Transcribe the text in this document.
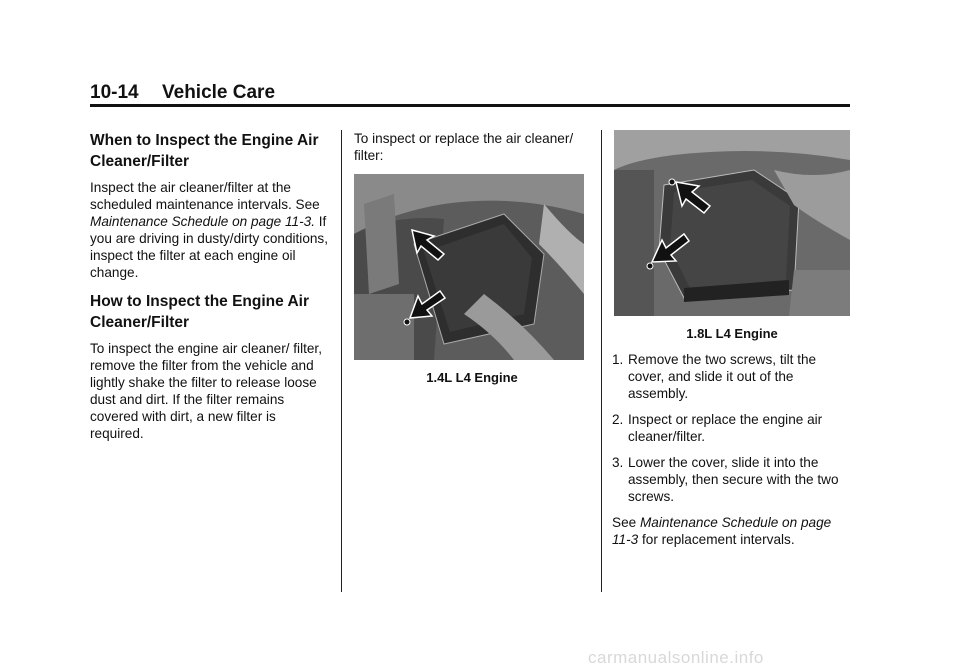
10-14 Vehicle Care
When to Inspect the Engine Air Cleaner/Filter

Inspect the air cleaner/filter at the scheduled maintenance intervals. See Maintenance Schedule on page 11-3. If you are driving in dusty/dirty conditions, inspect the filter at each engine oil change.

How to Inspect the Engine Air Cleaner/Filter

To inspect the engine air cleaner/ filter, remove the filter from the vehicle and lightly shake the filter to release loose dust and dirt. If the filter remains covered with dirt, a new filter is required.

To inspect or replace the air cleaner/ filter:

1.4L L4 Engine
1.8L L4 Engine
1. Remove the two screws, tilt the cover, and slide it out of the assembly.
2. Inspect or replace the engine air cleaner/filter.
3. Lower the cover, slide it into the assembly, then secure with the two screws.

See Maintenance Schedule on page 11-3 for replacement intervals.

carmanualsonline.info
